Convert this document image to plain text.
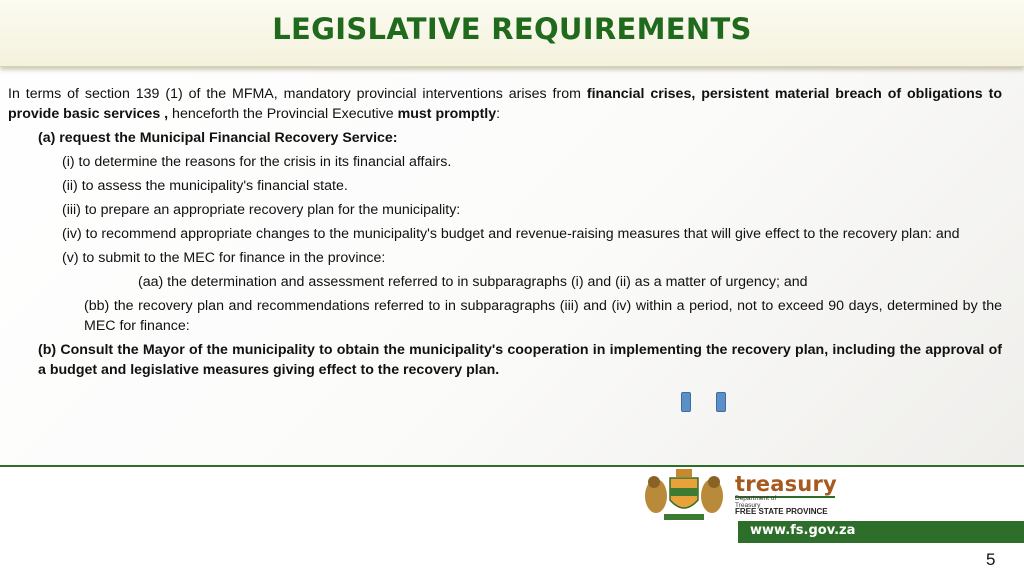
LEGISLATIVE REQUIREMENTS

In terms of section 139 (1) of the MFMA, mandatory provincial interventions arises from financial crises, persistent material breach of obligations to provide basic services , henceforth the Provincial Executive must promptly:

(a) request the Municipal Financial Recovery Service:

(i) to determine the reasons for the crisis in its financial affairs.

(ii) to assess the municipality's financial state.

(iii) to prepare an appropriate recovery plan for the municipality:

(iv) to recommend appropriate changes to the municipality's budget and revenue-raising measures that will give effect to the recovery plan: and

(v) to submit to the MEC for finance in the province:

(aa) the determination and assessment referred to in subparagraphs (i) and (ii) as a matter of urgency; and

(bb) the recovery plan and recommendations referred to in subparagraphs (iii) and (iv) within a period, not to exceed 90 days, determined by the MEC for finance:

(b) Consult the Mayor of the municipality to obtain the municipality's cooperation in implementing the recovery plan, including the approval of a budget and legislative measures giving effect to the recovery plan.

treasury
Department of
Treasury
FREE STATE PROVINCE
www.fs.gov.za
5
